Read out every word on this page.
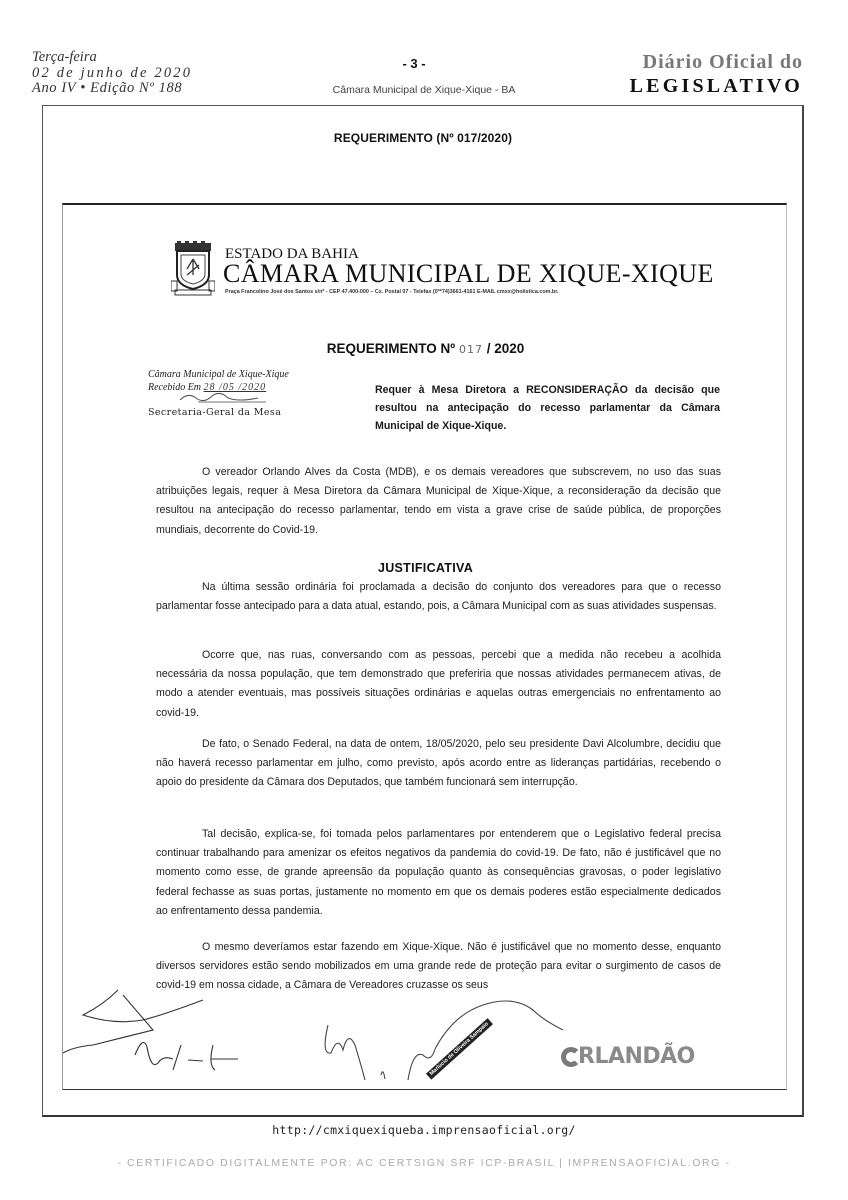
Terça-feira
02 de junho de 2020
Ano IV • Edição Nº 188
- 3 -
Câmara Municipal de Xique-Xique - BA
Diário Oficial do
LEGISLATIVO
REQUERIMENTO (Nº 017/2020)
ESTADO DA BAHIA
CÂMARA MUNICIPAL DE XIQUE-XIQUE
Praça Francolino José dos Santos s/nº - CEP 47.400-000 – Cx. Postal 07 - Telefax (0**74)3661-4161 E-MAIL cmxx@holistica.com.br.
REQUERIMENTO Nº 017 / 2020
Câmara Municipal de Xique-Xique
Recebido Em 28 /05 /2020
Secretaria-Geral da Mesa
Requer à Mesa Diretora a RECONSIDERAÇÃO da decisão que resultou na antecipação do recesso parlamentar da Câmara Municipal de Xique-Xique.

O vereador Orlando Alves da Costa (MDB), e os demais vereadores que subscrevem, no uso das suas atribuições legais, requer à Mesa Diretora da Câmara Municipal de Xique-Xique, a reconsideração da decisão que resultou na antecipação do recesso parlamentar, tendo em vista a grave crise de saúde pública, de proporções mundiais, decorrente do Covid-19.

JUSTIFICATIVA

Na última sessão ordinária foi proclamada a decisão do conjunto dos vereadores para que o recesso parlamentar fosse antecipado para a data atual, estando, pois, a Câmara Municipal com as suas atividades suspensas.

Ocorre que, nas ruas, conversando com as pessoas, percebi que a medida não recebeu a acolhida necessária da nossa população, que tem demonstrado que preferiria que nossas atividades permanecem ativas, de modo a atender eventuais, mas possíveis situações ordinárias e aquelas outras emergenciais no enfrentamento ao covid-19.

De fato, o Senado Federal, na data de ontem, 18/05/2020, pelo seu presidente Davi Alcolumbre, decidiu que não haverá recesso parlamentar em julho, como previsto, após acordo entre as lideranças partidárias, recebendo o apoio do presidente da Câmara dos Deputados, que também funcionará sem interrupção.

Tal decisão, explica-se, foi tomada pelos parlamentares por entenderem que o Legislativo federal precisa continuar trabalhando para amenizar os efeitos negativos da pandemia do covid-19. De fato, não é justificável que no momento como esse, de grande apreensão da população quanto às consequências gravosas, o poder legislativo federal fechasse as suas portas, justamente no momento em que os demais poderes estão especialmente dedicados ao enfrentamento dessa pandemia.

O mesmo deveríamos estar fazendo em Xique-Xique. Não é justificável que no momento desse, enquanto diversos servidores estão sendo mobilizados em uma grande rede de proteção para evitar o surgimento de casos de covid-19 em nossa cidade, a Câmara de Vereadores cruzasse os seus

Marlúcio de Oliveira Sampaio	RLANDÃO
http://cmxiquexiqueba.imprensaoficial.org/
- CERTIFICADO DIGITALMENTE POR: AC CERTSIGN SRF ICP-BRASIL | IMPRENSAOFICIAL.ORG -
